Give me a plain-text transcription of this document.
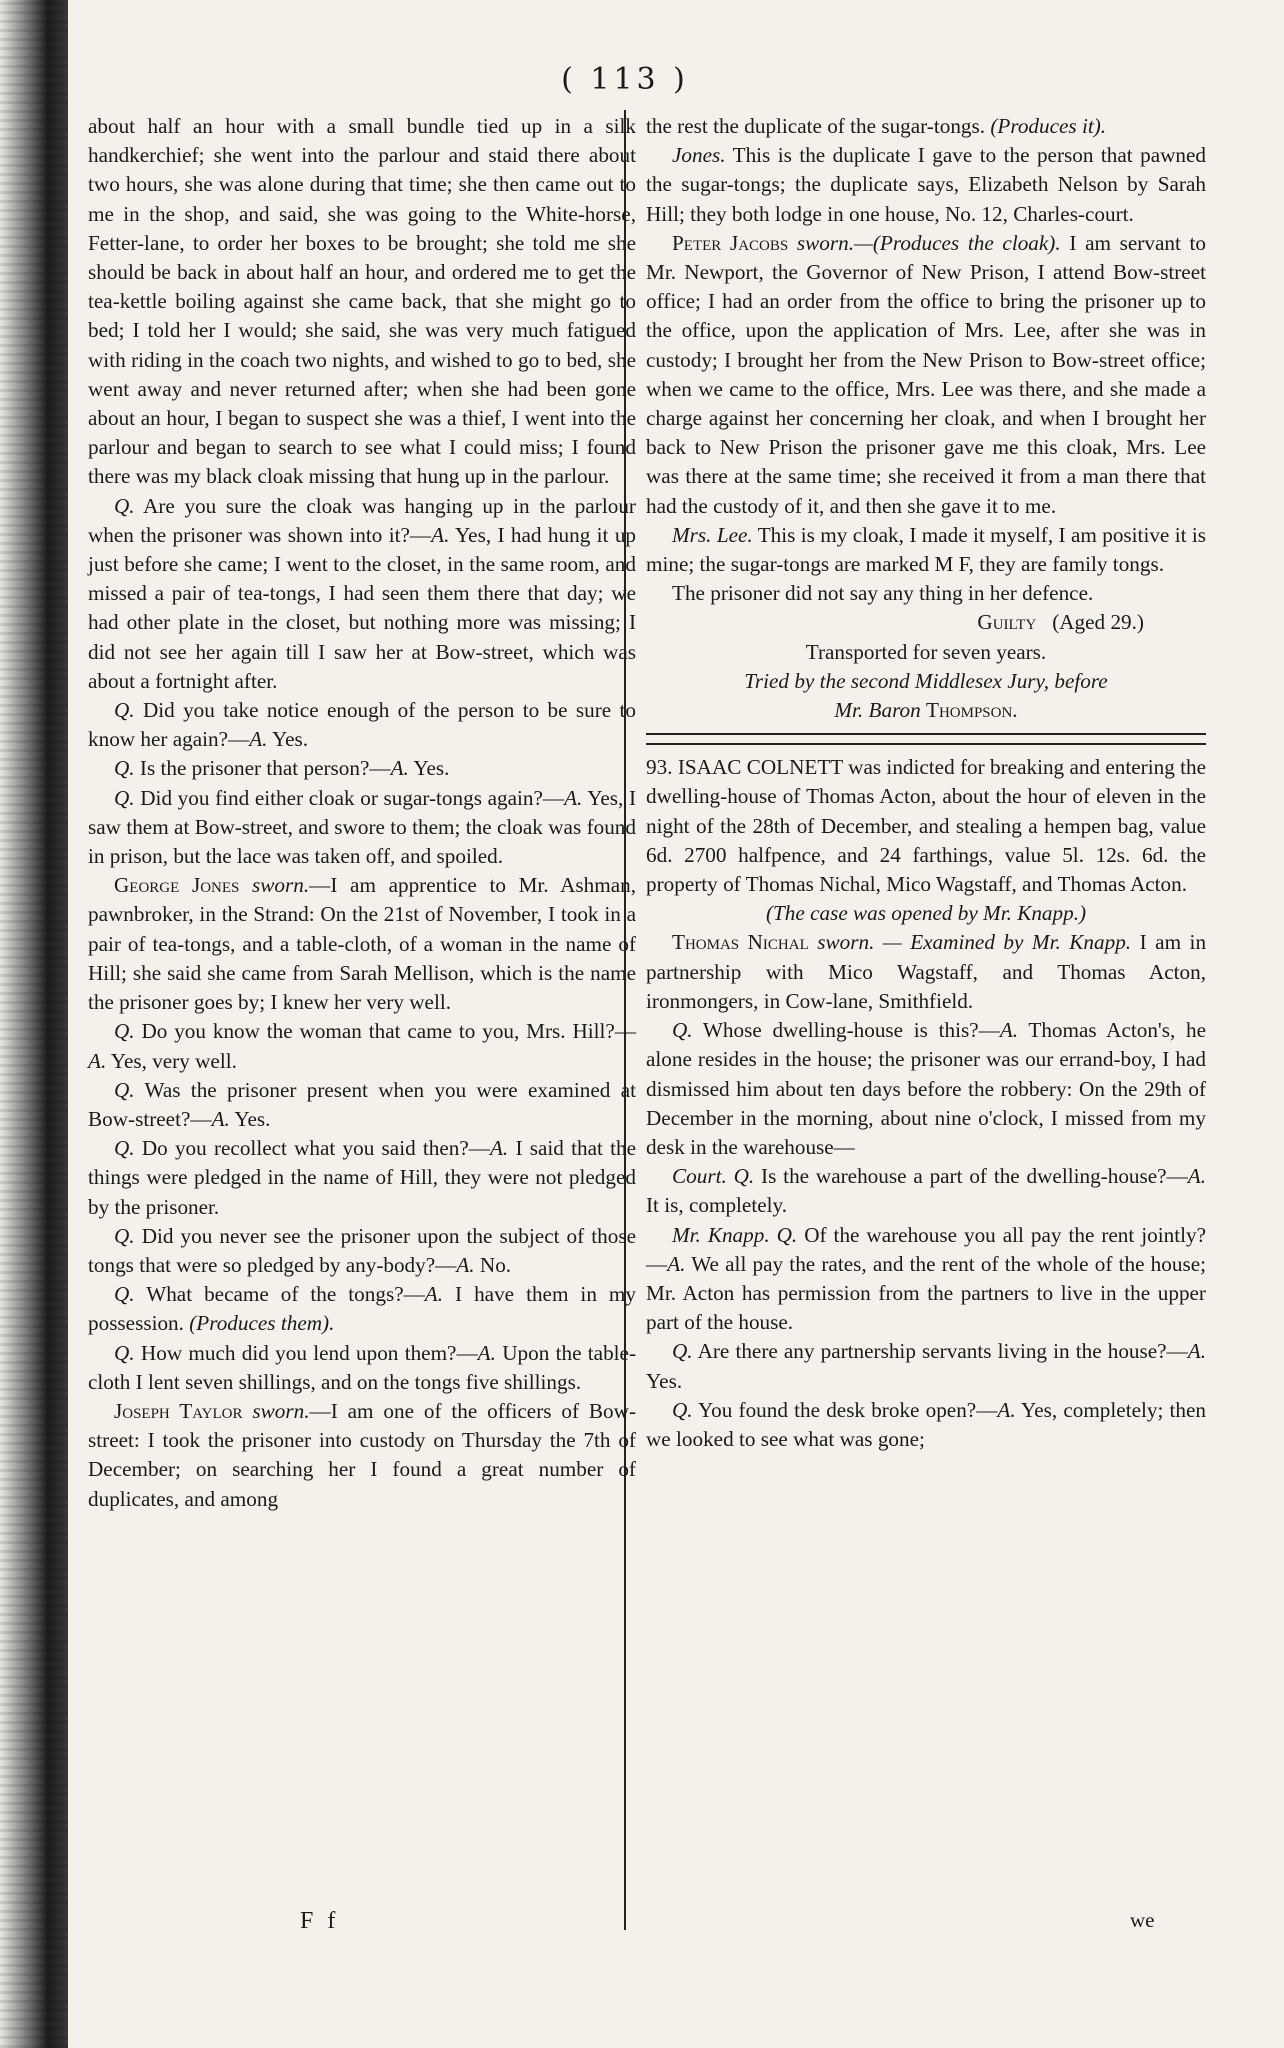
( 113 )

about half an hour with a small bundle tied up in a silk handkerchief; she went into the parlour and staid there about two hours, she was alone during that time; she then came out to me in the shop, and said, she was going to the White-horse, Fetter-lane, to order her boxes to be brought; she told me she should be back in about half an hour, and ordered me to get the tea-kettle boiling against she came back, that she might go to bed; I told her I would; she said, she was very much fatigued with riding in the coach two nights, and wished to go to bed, she went away and never returned after; when she had been gone about an hour, I began to suspect she was a thief, I went into the parlour and began to search to see what I could miss; I found there was my black cloak missing that hung up in the parlour.

Q. Are you sure the cloak was hanging up in the parlour when the prisoner was shown into it?—A. Yes, I had hung it up just before she came; I went to the closet, in the same room, and missed a pair of tea-tongs, I had seen them there that day; we had other plate in the closet, but nothing more was missing; I did not see her again till I saw her at Bow-street, which was about a fortnight after.

Q. Did you take notice enough of the person to be sure to know her again?—A. Yes.

Q. Is the prisoner that person?—A. Yes.

Q. Did you find either cloak or sugar-tongs again?—A. Yes, I saw them at Bow-street, and swore to them; the cloak was found in prison, but the lace was taken off, and spoiled.

George Jones sworn.—I am apprentice to Mr. Ashman, pawnbroker, in the Strand: On the 21st of November, I took in a pair of tea-tongs, and a table-cloth, of a woman in the name of Hill; she said she came from Sarah Mellison, which is the name the prisoner goes by; I knew her very well.

Q. Do you know the woman that came to you, Mrs. Hill?—A. Yes, very well.

Q. Was the prisoner present when you were examined at Bow-street?—A. Yes.

Q. Do you recollect what you said then?—A. I said that the things were pledged in the name of Hill, they were not pledged by the prisoner.

Q. Did you never see the prisoner upon the subject of those tongs that were so pledged by any-body?—A. No.

Q. What became of the tongs?—A. I have them in my possession. (Produces them).

Q. How much did you lend upon them?—A. Upon the table-cloth I lent seven shillings, and on the tongs five shillings.

Joseph Taylor sworn.—I am one of the officers of Bow-street: I took the prisoner into custody on Thursday the 7th of December; on searching her I found a great number of duplicates, and among

the rest the duplicate of the sugar-tongs. (Produces it).

Jones. This is the duplicate I gave to the person that pawned the sugar-tongs; the duplicate says, Elizabeth Nelson by Sarah Hill; they both lodge in one house, No. 12, Charles-court.

Peter Jacobs sworn.—(Produces the cloak). I am servant to Mr. Newport, the Governor of New Prison, I attend Bow-street office; I had an order from the office to bring the prisoner up to the office, upon the application of Mrs. Lee, after she was in custody; I brought her from the New Prison to Bow-street office; when we came to the office, Mrs. Lee was there, and she made a charge against her concerning her cloak, and when I brought her back to New Prison the prisoner gave me this cloak, Mrs. Lee was there at the same time; she received it from a man there that had the custody of it, and then she gave it to me.

Mrs. Lee. This is my cloak, I made it myself, I am positive it is mine; the sugar-tongs are marked M F, they are family tongs.

The prisoner did not say any thing in her defence.

Guilty (Aged 29.)

Transported for seven years.

Tried by the second Middlesex Jury, before
Mr. Baron Thompson.

93. ISAAC COLNETT was indicted for breaking and entering the dwelling-house of Thomas Acton, about the hour of eleven in the night of the 28th of December, and stealing a hempen bag, value 6d. 2700 halfpence, and 24 farthings, value 5l. 12s. 6d. the property of Thomas Nichal, Mico Wagstaff, and Thomas Acton.

(The case was opened by Mr. Knapp.)

Thomas Nichal sworn. — Examined by Mr. Knapp. I am in partnership with Mico Wagstaff, and Thomas Acton, ironmongers, in Cow-lane, Smithfield.

Q. Whose dwelling-house is this?—A. Thomas Acton's, he alone resides in the house; the prisoner was our errand-boy, I had dismissed him about ten days before the robbery: On the 29th of December in the morning, about nine o'clock, I missed from my desk in the warehouse—

Court. Q. Is the warehouse a part of the dwelling-house?—A. It is, completely.

Mr. Knapp. Q. Of the warehouse you all pay the rent jointly?—A. We all pay the rates, and the rent of the whole of the house; Mr. Acton has permission from the partners to live in the upper part of the house.

Q. Are there any partnership servants living in the house?—A. Yes.

Q. You found the desk broke open?—A. Yes, completely; then we looked to see what was gone;

F f	we
